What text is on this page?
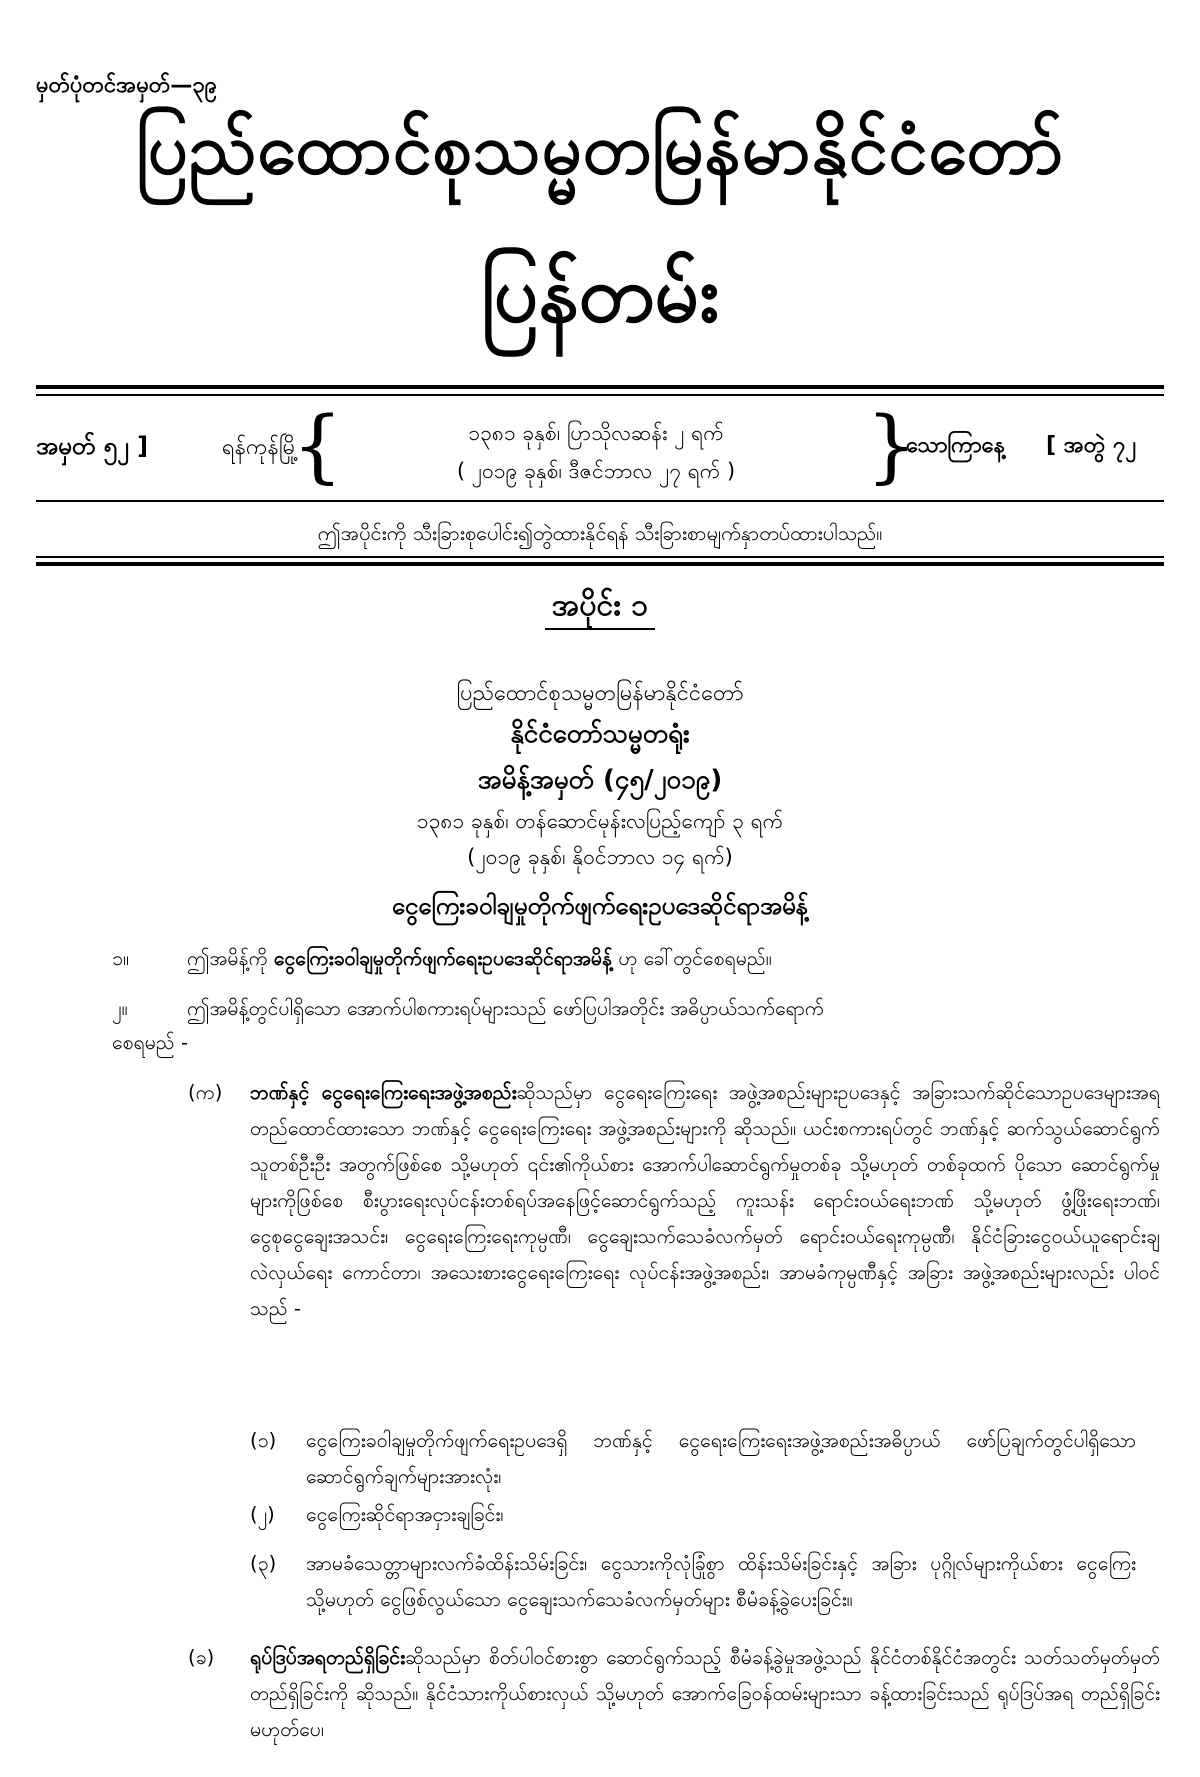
မှတ်ပုံတင်အမှတ်—၃၉
ပြည်ထောင်စုသမ္မတမြန်မာနိုင်ငံတော်
ပြန်တမ်း
အမှတ် ၅၂ ]	ရန်ကုန်မြို့
{	၁၃၈၁ ခုနှစ်၊ ပြာသိုလဆန်း ၂ ရက်
( ၂၀၁၉ ခုနှစ်၊ ဒီဇင်ဘာလ ၂၇ ရက် )	}
သောကြာနေ့ [ အတွဲ ၇၂
ဤအပိုင်းကို သီးခြားစုပေါင်း၍တွဲထားနိုင်ရန် သီးခြားစာမျက်နှာတပ်ထားပါသည်။
အပိုင်း ၁
ပြည်ထောင်စုသမ္မတမြန်မာနိုင်ငံတော်
နိုင်ငံတော်သမ္မတရုံး
အမိန့်အမှတ် (၄၅/၂၀၁၉)
၁၃၈၁ ခုနှစ်၊ တန်ဆောင်မုန်းလပြည့်ကျော် ၃ ရက်
(၂၀၁၉ ခုနှစ်၊ နိုဝင်ဘာလ ၁၄ ရက်)
ငွေကြေးခဝါချမှုတိုက်ဖျက်ရေးဥပဒေဆိုင်ရာအမိန့်
၁။	ဤအမိန့်ကို ငွေကြေးခဝါချမှုတိုက်ဖျက်ရေးဥပဒေဆိုင်ရာအမိန့် ဟု ခေါ်တွင်စေရမည်။
၂။	ဤအမိန့်တွင်ပါရှိသော အောက်ပါစကားရပ်များသည် ဖော်ပြပါအတိုင်း အဓိပ္ပာယ်သက်ရောက်
စေရမည် -
(က) ဘဏ်နှင့် ငွေရေးကြေးရေးအဖွဲ့အစည်းဆိုသည်မှာ ငွေရေးကြေးရေး အဖွဲ့အစည်းများဥပဒေနှင့် အခြားသက်ဆိုင်သောဥပဒေများအရ တည်ထောင်ထားသော ဘဏ်နှင့် ငွေရေးကြေးရေး အဖွဲ့အစည်းများကို ဆိုသည်။ ယင်းစကားရပ်တွင် ဘဏ်နှင့် ဆက်သွယ်ဆောင်ရွက်သူတစ်ဦးဦး အတွက်ဖြစ်စေ သို့မဟုတ် ၎င်း၏ကိုယ်စား အောက်ပါဆောင်ရွက်မှုတစ်ခု သို့မဟုတ် တစ်ခုထက် ပိုသော ဆောင်ရွက်မှုများကိုဖြစ်စေ စီးပွားရေးလုပ်ငန်းတစ်ရပ်အနေဖြင့်ဆောင်ရွက်သည့် ကူးသန်း ရောင်းဝယ်ရေးဘဏ် သို့မဟုတ် ဖွံ့ဖြိုးရေးဘဏ်၊ ငွေစုငွေချေးအသင်း၊ ငွေရေးကြေးရေးကုမ္ပဏီ၊ ငွေချေးသက်သေခံလက်မှတ် ရောင်းဝယ်ရေးကုမ္ပဏီ၊ နိုင်ငံခြားငွေဝယ်ယူရောင်းချလဲလှယ်ရေး ကောင်တာ၊ အသေးစားငွေရေးကြေးရေး လုပ်ငန်းအဖွဲ့အစည်း၊ အာမခံကုမ္ပဏီနှင့် အခြား အဖွဲ့အစည်းများလည်း ပါဝင်သည် -
(၁) ငွေကြေးခဝါချမှုတိုက်ဖျက်ရေးဥပဒေရှိ ဘဏ်နှင့် ငွေရေးကြေးရေးအဖွဲ့အစည်းအဓိပ္ပာယ် ဖော်ပြချက်တွင်ပါရှိသော ဆောင်ရွက်ချက်များအားလုံး၊
(၂) ငွေကြေးဆိုင်ရာအငှားချခြင်း၊
(၃) အာမခံသေတ္တာများလက်ခံထိန်းသိမ်းခြင်း၊ ငွေသားကိုလုံခြုံစွာ ထိန်းသိမ်းခြင်းနှင့် အခြား ပုဂ္ဂိုလ်များကိုယ်စား ငွေကြေး သို့မဟုတ် ငွေဖြစ်လွယ်သော ငွေချေးသက်သေခံလက်မှတ်များ စီမံခန့်ခွဲပေးခြင်း။
(ခ) ရုပ်ဒြပ်အရတည်ရှိခြင်းဆိုသည်မှာ စိတ်ပါဝင်စားစွာ ဆောင်ရွက်သည့် စီမံခန့်ခွဲမှုအဖွဲ့သည် နိုင်ငံတစ်နိုင်ငံအတွင်း သတ်သတ်မှတ်မှတ်တည်ရှိခြင်းကို ဆိုသည်။ နိုင်ငံသားကိုယ်စားလှယ် သို့မဟုတ် အောက်ခြေဝန်ထမ်းများသာ ခန့်ထားခြင်းသည် ရုပ်ဒြပ်အရ တည်ရှိခြင်းမဟုတ်ပေ၊
